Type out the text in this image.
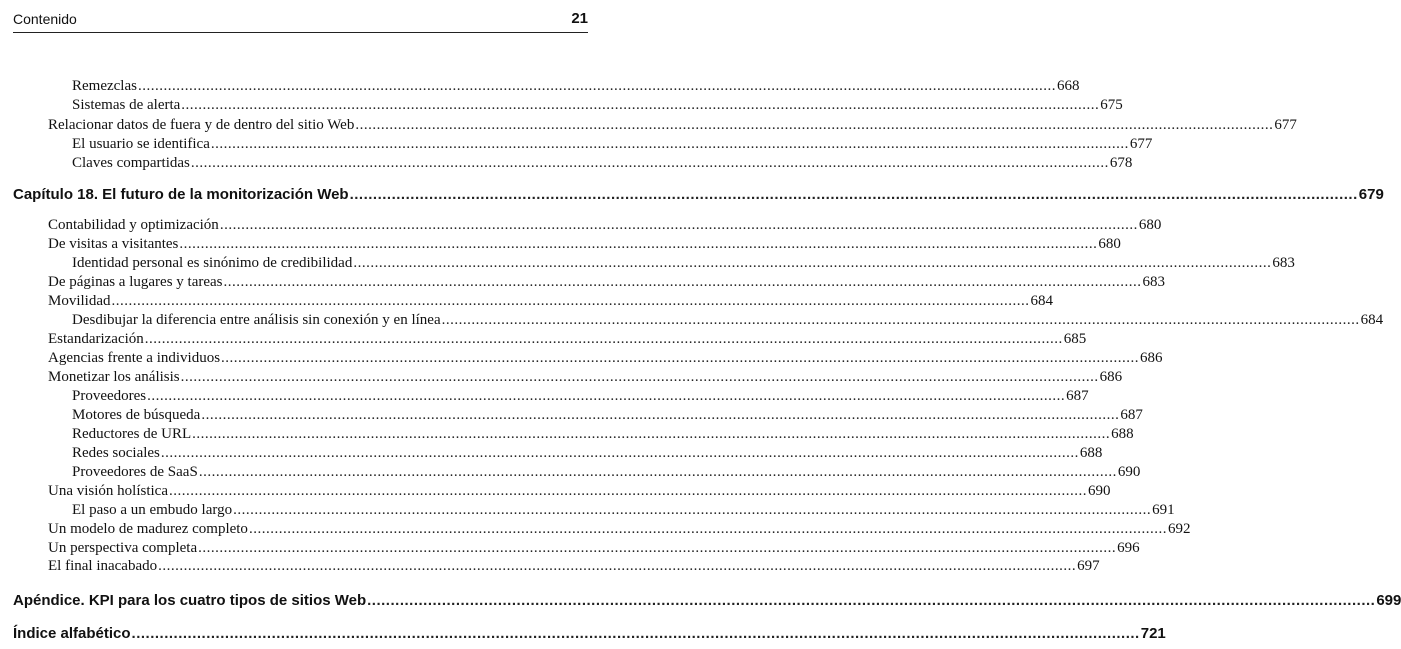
Contenido	21
Remezclas ........................................................................................................................................................................................................................ 668
Sistemas de alerta ........................................................................................................................................................................................................................ 675
Relacionar datos de fuera y de dentro del sitio Web ........................................................................................................................................................................................................................ 677
El usuario se identifica ........................................................................................................................................................................................................................ 677
Claves compartidas ........................................................................................................................................................................................................................ 678
Capítulo 18. El futuro de la monitorización Web ........................................................................................................................................................................................................................ 679
Contabilidad y optimización ........................................................................................................................................................................................................................ 680
De visitas a visitantes ........................................................................................................................................................................................................................ 680
Identidad personal es sinónimo de credibilidad ........................................................................................................................................................................................................................ 683
De páginas a lugares y tareas ........................................................................................................................................................................................................................ 683
Movilidad ........................................................................................................................................................................................................................ 684
Desdibujar la diferencia entre análisis sin conexión y en línea ........................................................................................................................................................................................................................ 684
Estandarización ........................................................................................................................................................................................................................ 685
Agencias frente a individuos ........................................................................................................................................................................................................................ 686
Monetizar los análisis ........................................................................................................................................................................................................................ 686
Proveedores ........................................................................................................................................................................................................................ 687
Motores de búsqueda ........................................................................................................................................................................................................................ 687
Reductores de URL ........................................................................................................................................................................................................................ 688
Redes sociales ........................................................................................................................................................................................................................ 688
Proveedores de SaaS ........................................................................................................................................................................................................................ 690
Una visión holística ........................................................................................................................................................................................................................ 690
El paso a un embudo largo ........................................................................................................................................................................................................................ 691
Un modelo de madurez completo ........................................................................................................................................................................................................................ 692
Un perspectiva completa ........................................................................................................................................................................................................................ 696
El final inacabado ........................................................................................................................................................................................................................ 697
Apéndice. KPI para los cuatro tipos de sitios Web ........................................................................................................................................................................................................................ 699
Índice alfabético ........................................................................................................................................................................................................................ 721
